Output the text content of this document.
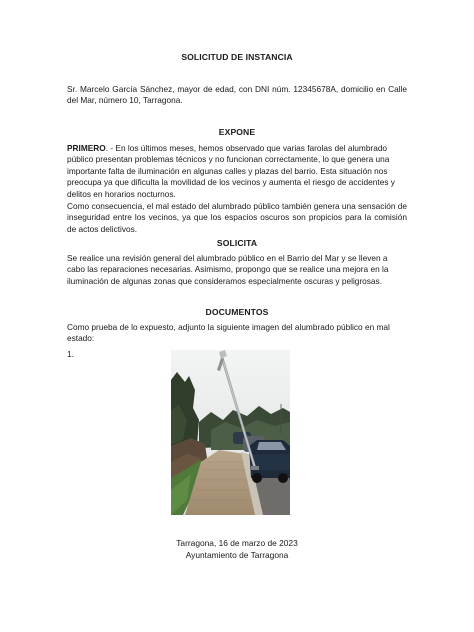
SOLICITUD DE INSTANCIA
Sr. Marcelo García Sánchez, mayor de edad, con DNI núm. 12345678A, domicilio en Calle del Mar, número 10, Tarragona.
EXPONE
PRIMERO. - En los últimos meses, hemos observado que varias farolas del alumbrado público presentan problemas técnicos y no funcionan correctamente, lo que genera una importante falta de iluminación en algunas calles y plazas del barrio. Esta situación nos preocupa ya que dificulta la movilidad de los vecinos y aumenta el riesgo de accidentes y delitos en horarios nocturnos.
Como consecuencia, el mal estado del alumbrado público también genera una sensación de inseguridad entre los vecinos, ya que los espacios oscuros son propicios para la comisión de actos delictivos.
SOLICITA
Se realice una revisión general del alumbrado público en el Barrio del Mar y se lleven a cabo las reparaciones necesarias. Asimismo, propongo que se realice una mejora en la iluminación de algunas zonas que consideramos especialmente oscuras y peligrosas.
DOCUMENTOS
Como prueba de lo expuesto, adjunto la siguiente imagen del alumbrado público en mal estado:
1.
Tarragona, 16 de marzo de 2023
Ayuntamiento de Tarragona
